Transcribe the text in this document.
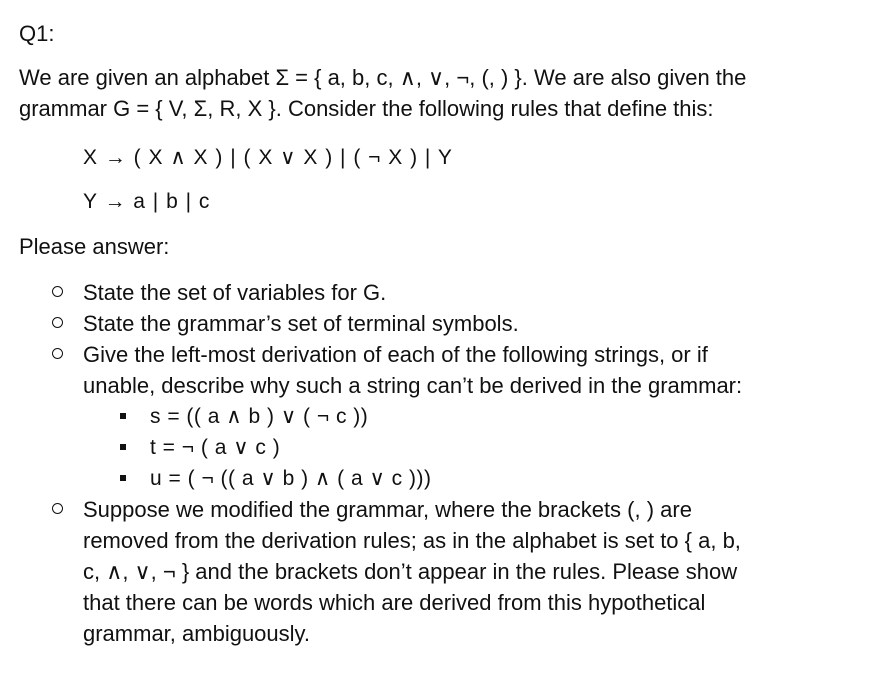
Q1:

We are given an alphabet Σ = { a, b, c, ∧, ∨, ¬, (, ) }. We are also given the

grammar G = { V, Σ, R, X }. Consider the following rules that define this:

X → ( X ∧ X ) | ( X ∨ X ) | ( ¬ X ) | Y
Y → a | b | c
Please answer:
State the set of variables for G.
State the grammar’s set of terminal symbols.
Give the left-most derivation of each of the following strings, or if
unable, describe why such a string can’t be derived in the grammar:
s = (( a ∧ b ) ∨ ( ¬ c ))
t = ¬ ( a ∨ c )
u = ( ¬ (( a ∨ b ) ∧ ( a ∨ c )))
Suppose we modified the grammar, where the brackets (, ) are
removed from the derivation rules; as in the alphabet is set to { a, b,
c, ∧, ∨, ¬ } and the brackets don’t appear in the rules. Please show
that there can be words which are derived from this hypothetical
grammar, ambiguously.
